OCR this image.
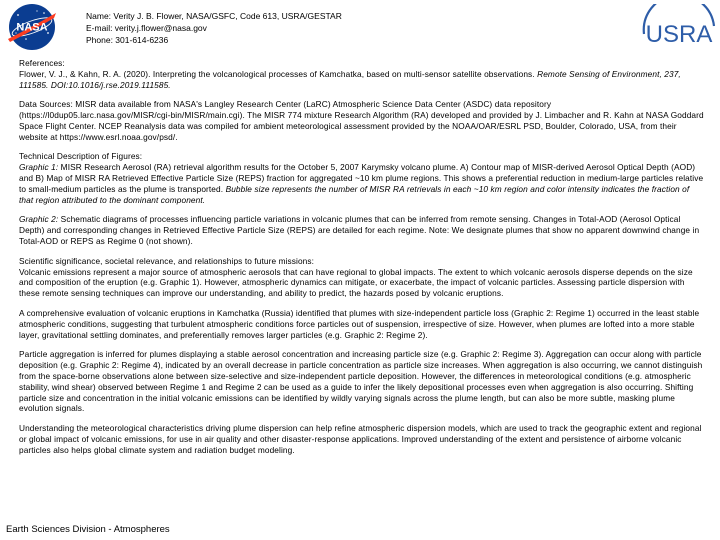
NASA
Name: Verity J. B. Flower, NASA/GSFC, Code 613, USRA/GESTAR
E-mail: verity.j.flower@nasa.gov
Phone: 301-614-6236	USRA

References:
Flower, V. J., & Kahn, R. A. (2020). Interpreting the volcanological processes of Kamchatka, based on multi-sensor satellite observations. Remote Sensing of Environment, 237, 111585. DOI:10.1016/j.rse.2019.111585.

Data Sources: MISR data available from NASA's Langley Research Center (LaRC) Atmospheric Science Data Center (ASDC) data repository (https://l0dup05.larc.nasa.gov/MISR/cgi-bin/MISR/main.cgi). The MISR 774 mixture Research Algorithm (RA) developed and provided by J. Limbacher and R. Kahn at NASA Goddard Space Flight Center. NCEP Reanalysis data was compiled for ambient meteorological assessment provided by the NOAA/OAR/ESRL PSD, Boulder, Colorado, USA, from their website at https://www.esrl.noaa.gov/psd/.

Technical Description of Figures:
Graphic 1: MISR Research Aerosol (RA) retrieval algorithm results for the October 5, 2007 Karymsky volcano plume. A) Contour map of MISR-derived Aerosol Optical Depth (AOD) and B) Map of MISR RA Retrieved Effective Particle Size (REPS) fraction for aggregated ~10 km plume regions. This shows a preferential reduction in medium-large particles relative to small-medium particles as the plume is transported. Bubble size represents the number of MISR RA retrievals in each ~10 km region and color intensity indicates the fraction of that region attributed to the dominant component.

Graphic 2: Schematic diagrams of processes influencing particle variations in volcanic plumes that can be inferred from remote sensing. Changes in Total-AOD (Aerosol Optical Depth) and corresponding changes in Retrieved Effective Particle Size (REPS) are detailed for each regime. Note: We designate plumes that show no apparent downwind change in Total-AOD or REPS as Regime 0 (not shown).

Scientific significance, societal relevance, and relationships to future missions:
Volcanic emissions represent a major source of atmospheric aerosols that can have regional to global impacts. The extent to which volcanic aerosols disperse depends on the size and composition of the eruption (e.g. Graphic 1). However, atmospheric dynamics can mitigate, or exacerbate, the impact of volcanic particles. Assessing particle dispersion with these remote sensing techniques can improve our understanding, and ability to predict, the hazards posed by volcanic eruptions.

A comprehensive evaluation of volcanic eruptions in Kamchatka (Russia) identified that plumes with size-independent particle loss (Graphic 2: Regime 1) occurred in the least stable atmospheric conditions, suggesting that turbulent atmospheric conditions force particles out of suspension, irrespective of size. However, when plumes are lofted into a more stable layer, gravitational settling dominates, and preferentially removes larger particles (e.g. Graphic 2: Regime 2).

Particle aggregation is inferred for plumes displaying a stable aerosol concentration and increasing particle size (e.g. Graphic 2: Regime 3). Aggregation can occur along with particle deposition (e.g. Graphic 2: Regime 4), indicated by an overall decrease in particle concentration as particle size increases. When aggregation is also occurring, we cannot distinguish from the space-borne observations alone between size-selective and size-independent particle deposition. However, the differences in meteorological conditions (e.g. atmospheric stability, wind shear) observed between Regime 1 and Regime 2 can be used as a guide to infer the likely depositional processes even when aggregation is also occurring. Shifting particle size and concentration in the initial volcanic emissions can be identified by wildly varying signals across the plume length, but can also be more subtle, masking plume evolution signals.

Understanding the meteorological characteristics driving plume dispersion can help refine atmospheric dispersion models, which are used to track the geographic extent and regional or global impact of volcanic emissions, for use in air quality and other disaster-response applications. Improved understanding of the extent and persistence of airborne volcanic particles also helps global climate system and radiation budget modeling.

Earth Sciences Division - Atmospheres
